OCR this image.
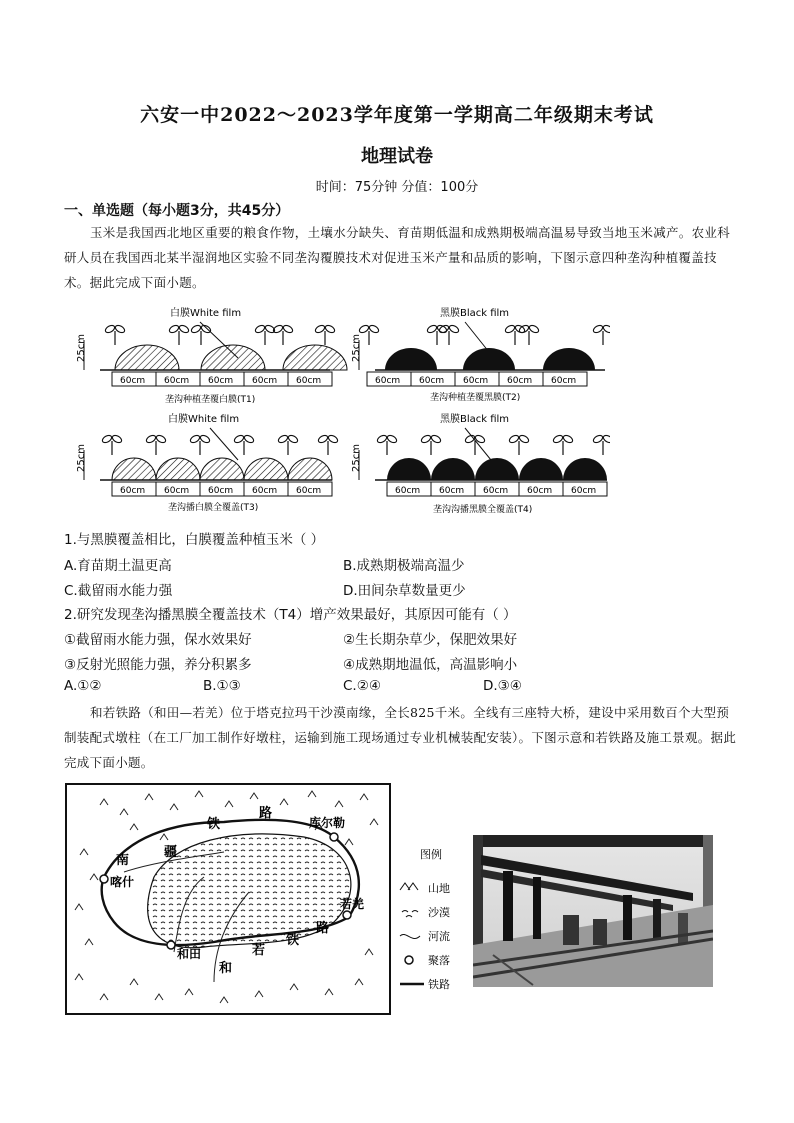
六安一中2022～2023学年度第一学期高二年级期末考试
地理试卷
时间：75分钟 分值：100分
一、单选题（每小题3分，共45分）
玉米是我国西北地区重要的粮食作物，土壤水分缺失、育苗期低温和成熟期极端高温易导致当地玉米减产。农业科研人员在我国西北某半湿润地区实验不同垄沟覆膜技术对促进玉米产量和品质的影响，下图示意四种垄沟种植覆盖技术。据此完成下面小题。
25cm
白膜White film
60cm 60cm 60cm 60cm 60cm
垄沟种植垄覆白膜(T1)
25cm
黑膜Black film
60cm 60cm 60cm 60cm 60cm
垄沟种植垄覆黑膜(T2)
25cm
白膜White film
60cm 60cm 60cm 60cm 60cm
垄沟播白膜全覆盖(T3)
25cm
黑膜Black film
60cm 60cm 60cm 60cm 60cm
垄沟沟播黑膜全覆盖(T4)
1.与黑膜覆盖相比，白膜覆盖种植玉米（ ）
A.育苗期土温更高	B.成熟期极端高温少
C.截留雨水能力强	D.田间杂草数量更少
2.研究发现垄沟播黑膜全覆盖技术（T4）增产效果最好，其原因可能有（ ）
①截留雨水能力强，保水效果好	②生长期杂草少，保肥效果好
③反射光照能力强，养分积累多	④成熟期地温低，高温影响小
A.①②	B.①③	C.②④	D.③④
和若铁路（和田—若羌）位于塔克拉玛干沙漠南缘，全长825千米。全线有三座特大桥，建设中采用数百个大型预制装配式墩柱（在工厂加工制作好墩柱，运输到施工现场通过专业机械装配安装）。下图示意和若铁路及施工景观。据此完成下面小题。
铁
路
库尔勒
南
疆
喀什
和田
若羌
和
若
铁
路
图例
山地
沙漠
河流
聚落
铁路
